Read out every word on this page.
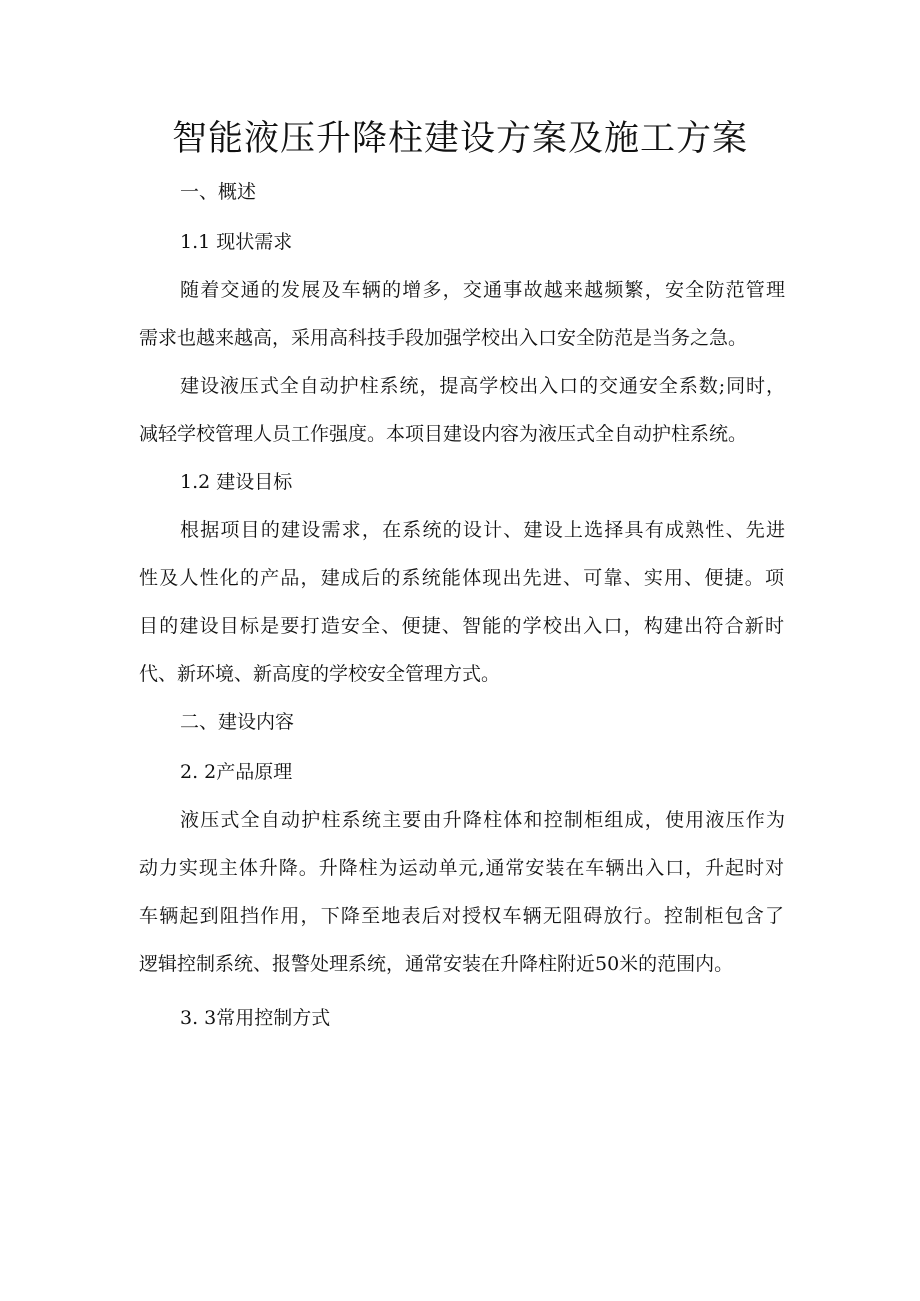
智能液压升降柱建设方案及施工方案
一、概述
1.1 现状需求
随着交通的发展及车辆的增多，交通事故越来越频繁，安全防范管理
需求也越来越高，采用高科技手段加强学校出入口安全防范是当务之急。
建设液压式全自动护柱系统，提高学校出入口的交通安全系数;同时，
减轻学校管理人员工作强度。本项目建设内容为液压式全自动护柱系统。
1.2 建设目标
根据项目的建设需求，在系统的设计、建设上选择具有成熟性、先进
性及人性化的产品，建成后的系统能体现出先进、可靠、实用、便捷。项
目的建设目标是要打造安全、便捷、智能的学校出入口，构建出符合新时
代、新环境、新高度的学校安全管理方式。
二、建设内容
2. 2产品原理
液压式全自动护柱系统主要由升降柱体和控制柜组成，使用液压作为
动力实现主体升降。升降柱为运动单元,通常安装在车辆出入口，升起时对
车辆起到阻挡作用，下降至地表后对授权车辆无阻碍放行。控制柜包含了
逻辑控制系统、报警处理系统，通常安装在升降柱附近50米的范围内。
3. 3常用控制方式
